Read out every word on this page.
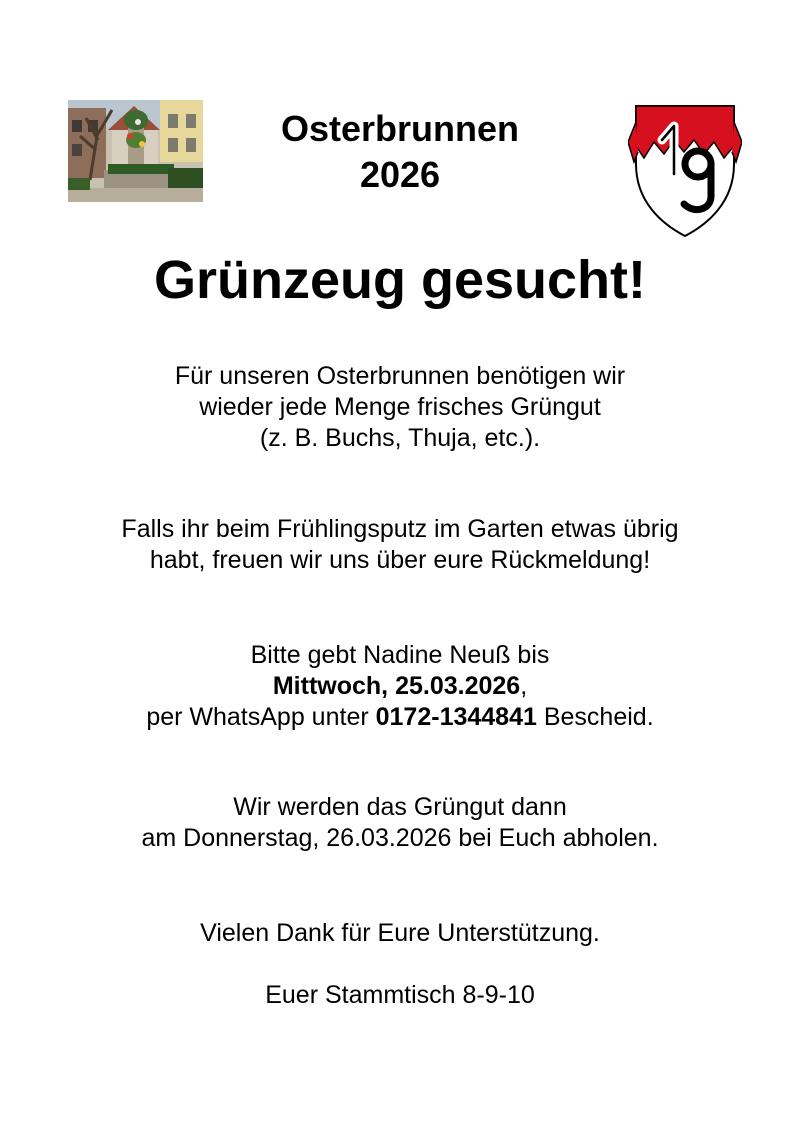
Osterbrunnen
2026
Grünzeug gesucht!
Für unseren Osterbrunnen benötigen wir
wieder jede Menge frisches Grüngut
(z. B. Buchs, Thuja, etc.).
Falls ihr beim Frühlingsputz im Garten etwas übrig
habt, freuen wir uns über eure Rückmeldung!
Bitte gebt Nadine Neuß bis
Mittwoch, 25.03.2026,
per WhatsApp unter 0172-1344841 Bescheid.
Wir werden das Grüngut dann
am Donnerstag, 26.03.2026 bei Euch abholen.
Vielen Dank für Eure Unterstützung.
Euer Stammtisch 8-9-10
